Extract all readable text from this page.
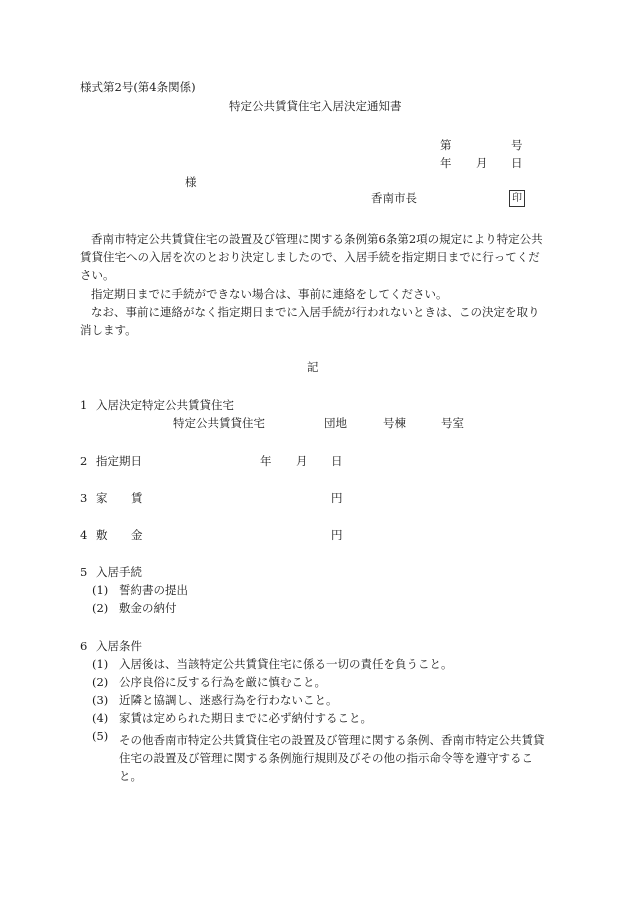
様式第2号(第4条関係)
特定公共賃貸住宅入居決定通知書
第	号
年 月 日
様
香南市長	印
香南市特定公共賃貸住宅の設置及び管理に関する条例第6条第2項の規定により特定公共賃貸住宅への入居を次のとおり決定しましたので、入居手続を指定期日までに行ってください。
指定期日までに手続ができない場合は、事前に連絡をしてください。
なお、事前に連絡がなく指定期日までに入居手続が行われないときは、この決定を取り消します。
記
1 入居決定特定公共賃貸住宅
特定公共賃貸住宅	団地	号棟	号室
2 指定期日	年 月 日
3 家 賃	円
4 敷 金	円
5 入居手続
(1) 誓約書の提出
(2) 敷金の納付
6 入居条件
(1) 入居後は、当該特定公共賃貸住宅に係る一切の責任を負うこと。
(2) 公序良俗に反する行為を厳に慎むこと。
(3) 近隣と協調し、迷惑行為を行わないこと。
(4) 家賃は定められた期日までに必ず納付すること。
(5) その他香南市特定公共賃貸住宅の設置及び管理に関する条例、香南市特定公共賃貸住宅の設置及び管理に関する条例施行規則及びその他の指示命令等を遵守すること。
